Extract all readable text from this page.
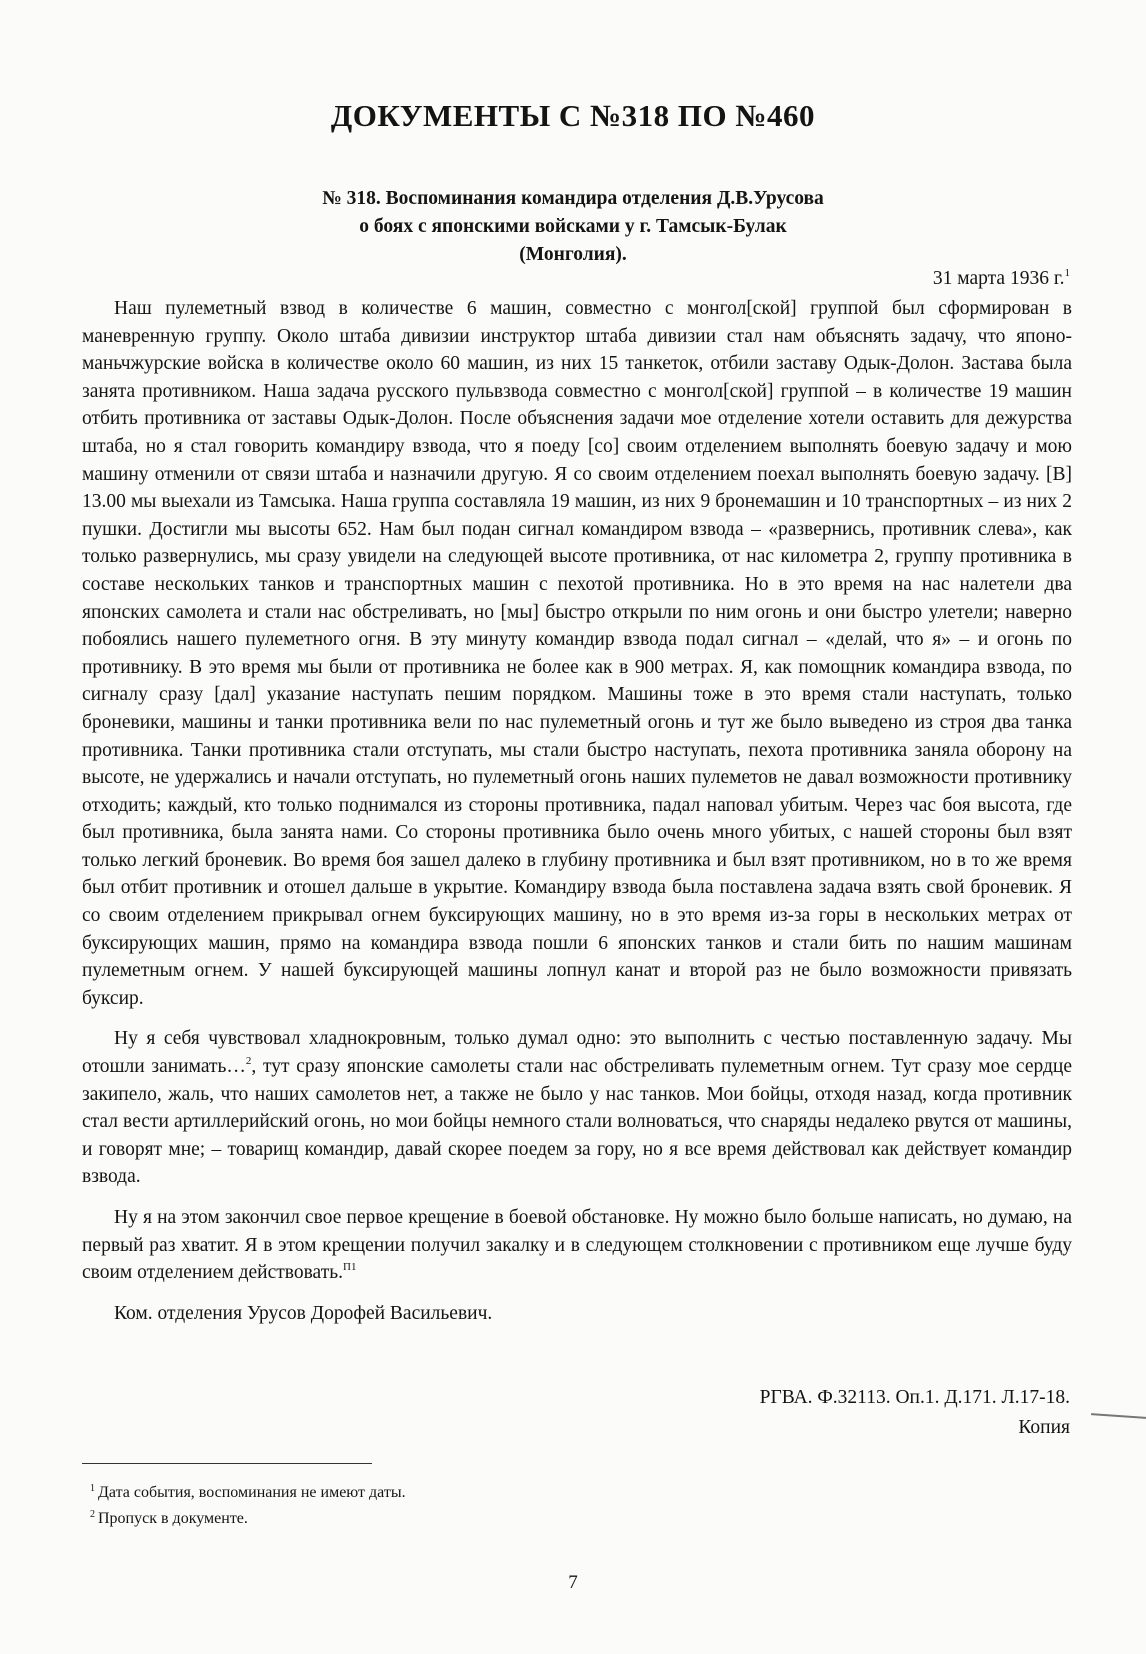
ДОКУМЕНТЫ С №318 ПО №460
№ 318. Воспоминания командира отделения Д.В.Урусова
о боях с японскими войсками у г. Тамсык-Булак
(Монголия).
31 марта 1936 г.$^1$

Наш пулеметный взвод в количестве 6 машин, совместно с монгол[ской] группой был сформирован в маневренную группу. Около штаба дивизии инструктор штаба дивизии стал нам объяснять задачу, что японо-маньчжурские войска в количестве около 60 машин, из них 15 танкеток, отбили заставу Одык-Долон. Застава была занята противником. Наша задача русского пульвзвода совместно с монгол[ской] группой – в количестве 19 машин отбить противника от заставы Одык-Долон. После объяснения задачи мое отделение хотели оставить для дежурства штаба, но я стал говорить командиру взвода, что я поеду [со] своим отделением выполнять боевую задачу и мою машину отменили от связи штаба и назначили другую. Я со своим отделением поехал выполнять боевую задачу. [В] 13.00 мы выехали из Тамсыка. Наша группа составляла 19 машин, из них 9 бронемашин и 10 транспортных – из них 2 пушки. Достигли мы высоты 652. Нам был подан сигнал командиром взвода – «развернись, противник слева», как только развернулись, мы сразу увидели на следующей высоте противника, от нас километра 2, группу противника в составе нескольких танков и транспортных машин с пехотой противника. Но в это время на нас налетели два японских самолета и стали нас обстреливать, но [мы] быстро открыли по ним огонь и они быстро улетели; наверно побоялись нашего пулеметного огня. В эту минуту командир взвода подал сигнал – «делай, что я» – и огонь по противнику. В это время мы были от противника не более как в 900 метрах. Я, как помощник командира взвода, по сигналу сразу [дал] указание наступать пешим порядком. Машины тоже в это время стали наступать, только броневики, машины и танки противника вели по нас пулеметный огонь и тут же было выведено из строя два танка противника. Танки противника стали отступать, мы стали быстро наступать, пехота противника заняла оборону на высоте, не удержались и начали отступать, но пулеметный огонь наших пулеметов не давал возможности противнику отходить; каждый, кто только поднимался из стороны противника, падал наповал убитым. Через час боя высота, где был противника, была занята нами. Со стороны противника было очень много убитых, с нашей стороны был взят только легкий броневик. Во время боя зашел далеко в глубину противника и был взят противником, но в то же время был отбит противник и отошел дальше в укрытие. Командиру взвода была поставлена задача взять свой броневик. Я со своим отделением прикрывал огнем буксирующих машину, но в это время из-за горы в нескольких метрах от буксирующих машин, прямо на командира взвода пошли 6 японских танков и стали бить по нашим машинам пулеметным огнем. У нашей буксирующей машины лопнул канат и второй раз не было возможности привязать буксир.

Ну я себя чувствовал хладнокровным, только думал одно: это выполнить с честью поставленную задачу. Мы отошли занимать…$^2$, тут сразу японские самолеты стали нас обстреливать пулеметным огнем. Тут сразу мое сердце закипело, жаль, что наших самолетов нет, а также не было у нас танков. Мои бойцы, отходя назад, когда противник стал вести артиллерийский огонь, но мои бойцы немного стали волноваться, что снаряды недалеко рвутся от машины, и говорят мне; – товарищ командир, давай скорее поедем за гору, но я все время действовал как действует командир взвода.

Ну я на этом закончил свое первое крещение в боевой обстановке. Ну можно было больше написать, но думаю, на первый раз хватит. Я в этом крещении получил закалку и в следующем столкновении с противником еще лучше буду своим отделением действовать.$^{П1}$

Ком. отделения Урусов Дорофей Васильевич.

РГВА. Ф.32113. Оп.1. Д.171. Л.17-18.
Копия
$^1$ Дата события, воспоминания не имеют даты.
$^2$ Пропуск в документе.
7
